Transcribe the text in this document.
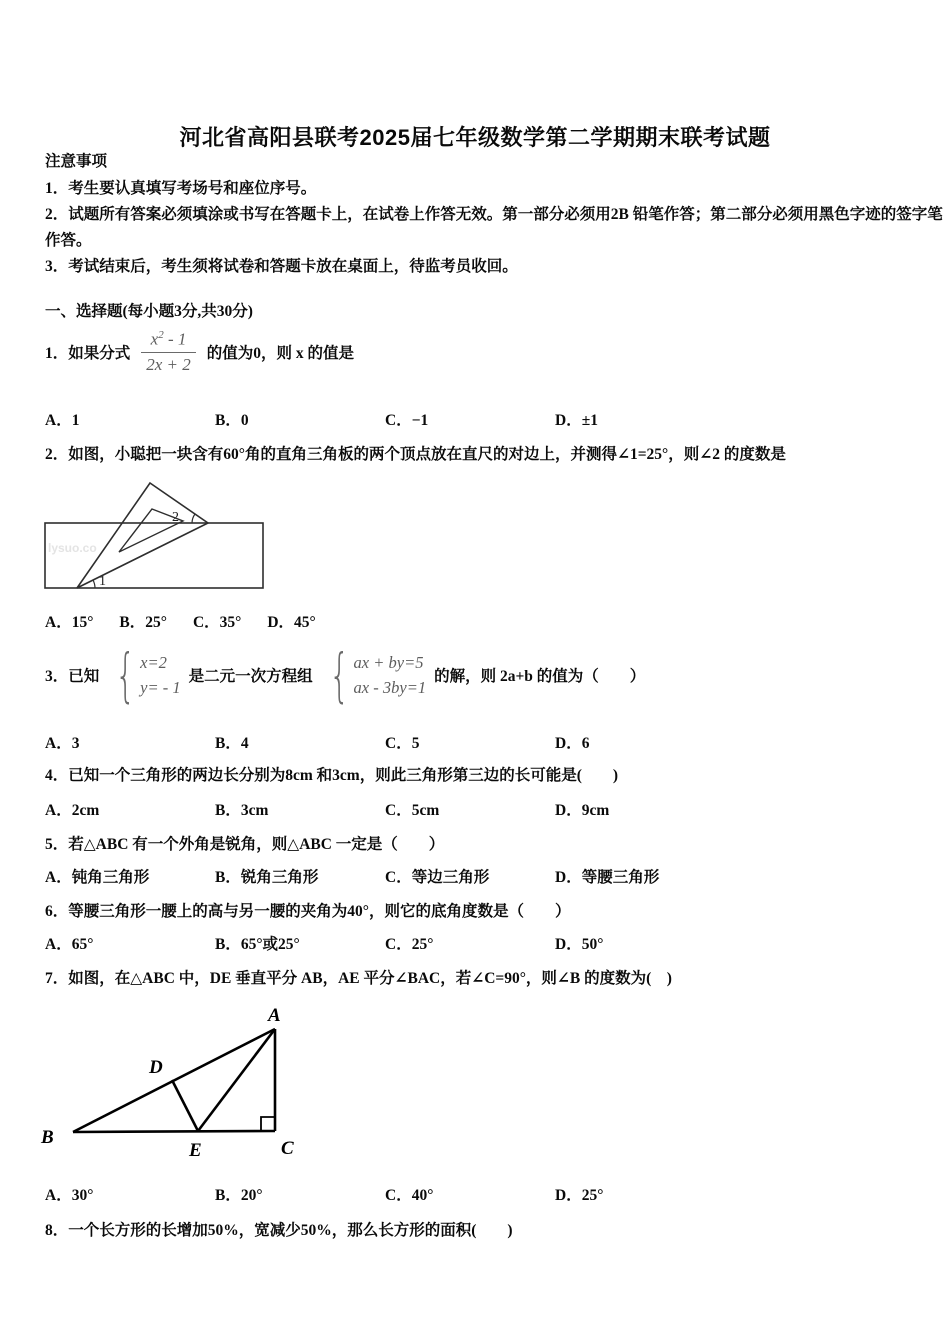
河北省高阳县联考2025届七年级数学第二学期期末联考试题
注意事项
1．考生要认真填写考场号和座位序号。
2．试题所有答案必须填涂或书写在答题卡上，在试卷上作答无效。第一部分必须用2B 铅笔作答；第二部分必须用黑色字迹的签字笔作答。
3．考试结束后，考生须将试卷和答题卡放在桌面上，待监考员收回。
一、选择题(每小题3分,共30分)
1．如果分式 $\frac{x^2 - 1}{2x + 2}$ 的值为0，则 x 的值是
A．1	B．0	C．−1	D．±1
2．如图，小聪把一块含有60°角的直角三角板的两个顶点放在直尺的对边上，并测得∠1=25°，则∠2 的度数是
lysuo.co
1
2
A．15° B．25° C．35° D．45°
3．已知 { x=2
y= - 1
是二元一次方程组 { ax + by=5
ax - 3by=1
的解，则 2a+b 的值为（　　）
A．3	B．4	C．5	D．6
4．已知一个三角形的两边长分别为8cm 和3cm，则此三角形第三边的长可能是(　　)
A．2cm	B．3cm	C．5cm	D．9cm
5．若△ABC 有一个外角是锐角，则△ABC 一定是（　　）
A．钝角三角形	B．锐角三角形	C．等边三角形	D．等腰三角形
6．等腰三角形一腰上的高与另一腰的夹角为40°，则它的底角度数是（　　）
A．65°	B．65°或25°	C．25°	D．50°
7．如图，在△ABC 中，DE 垂直平分 AB，AE 平分∠BAC，若∠C=90°，则∠B 的度数为(　)
A
B
C
D
E
A．30°	B．20°	C．40°	D．25°
8．一个长方形的长增加50%，宽减少50%，那么长方形的面积(　　)
